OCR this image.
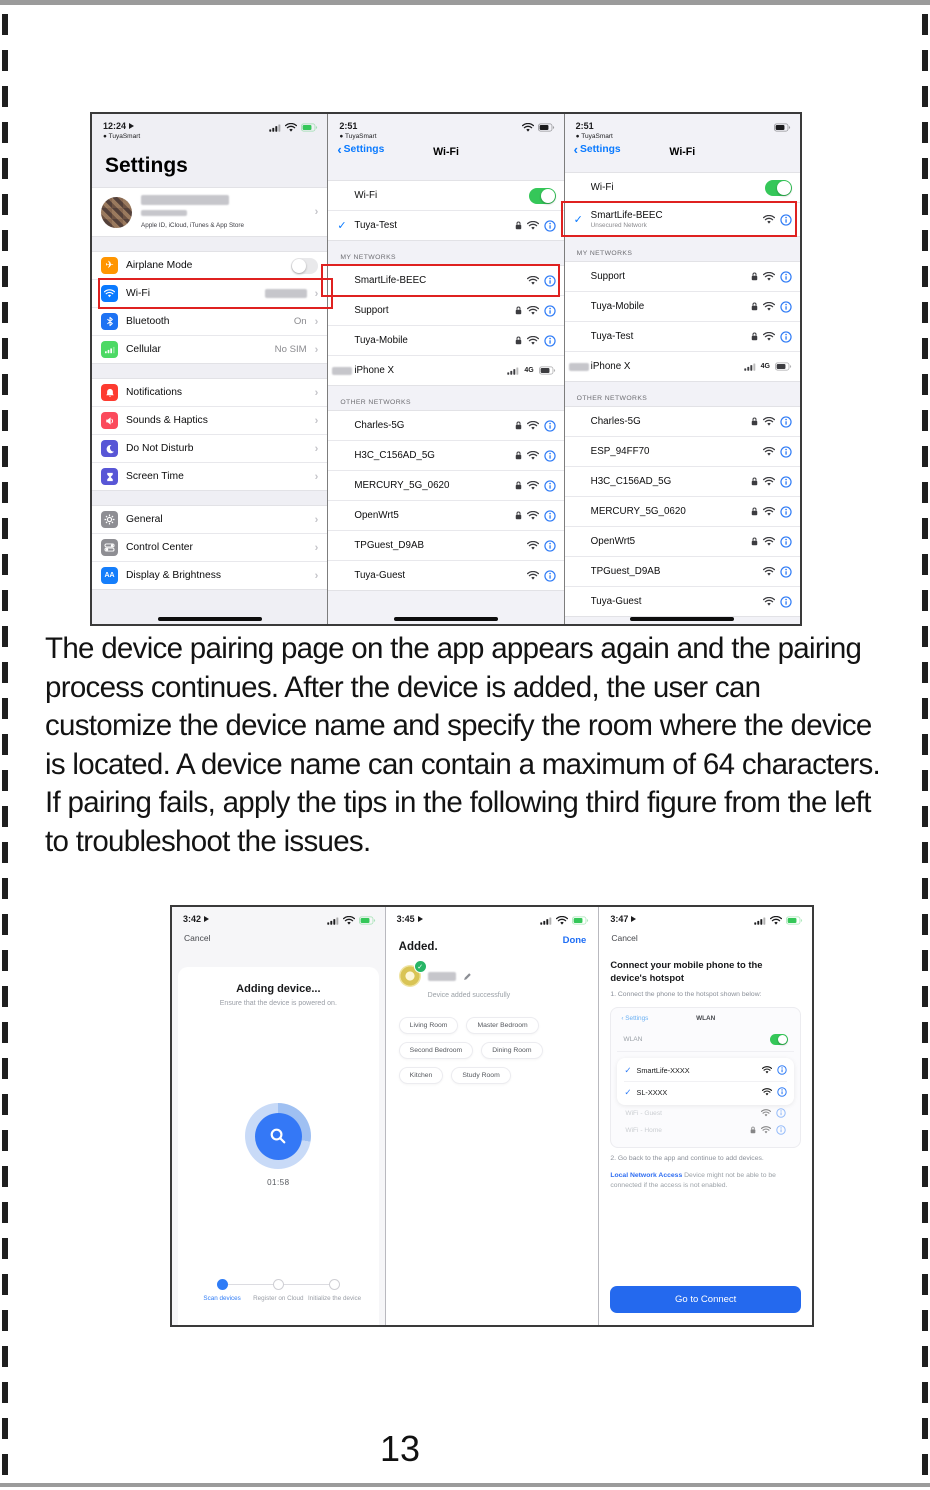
12:24
● TuyaSmart
Settings

Apple ID, iCloud, iTunes & App Store
›
✈ Airplane Mode
Wi-Fi	›
Bluetooth	On ›
Cellular	No SIM ›
Notifications	›
Sounds & Haptics	›
Do Not Disturb	›
Screen Time	›
General	›
Control Center	›
AA Display & Brightness	›
2:51
● TuyaSmart
‹ Settings	Wi-Fi
Wi-Fi
✓ Tuya-Test
MY NETWORKS
SmartLife-BEEC
Support
Tuya-Mobile
iPhone X	4G
OTHER NETWORKS
Charles-5G
H3C_C156AD_5G
MERCURY_5G_0620
OpenWrt5
TPGuest_D9AB
Tuya-Guest
2:51
● TuyaSmart
‹ Settings	Wi-Fi
Wi-Fi
✓ SmartLife-BEEC
Unsecured Network
MY NETWORKS
Support
Tuya-Mobile
Tuya-Test
iPhone X	4G
OTHER NETWORKS
Charles-5G
ESP_94FF70
H3C_C156AD_5G
MERCURY_5G_0620
OpenWrt5
TPGuest_D9AB
Tuya-Guest

The device pairing page on the app appears again and the pairing process continues. After the device is added, the user can customize the device name and specify the room where the device is located. A device name can contain a maximum of 64 characters.

If pairing fails, apply the tips in the following third figure from the left to troubleshoot the issues.

3:42
Cancel
Adding device...
Ensure that the device is powered on.
01:58
Scan devices	Register on Cloud Initialize the device
3:45
Done
Added.
✓
Device added successfully
Living Room	Master Bedroom
Second Bedroom	Dining Room
Kitchen	Study Room
3:47
Cancel
Connect your mobile phone to the device's hotspot
1. Connect the phone to the hotspot shown below:
‹ Settings	WLAN
WLAN
✓ SmartLife-XXXX
✓ SL-XXXX
WiFi - Guest
WiFi - Home
2. Go back to the app and continue to add devices.
Local Network Access Device might not be able to be connected if the access is not enabled.
Go to Connect
13
